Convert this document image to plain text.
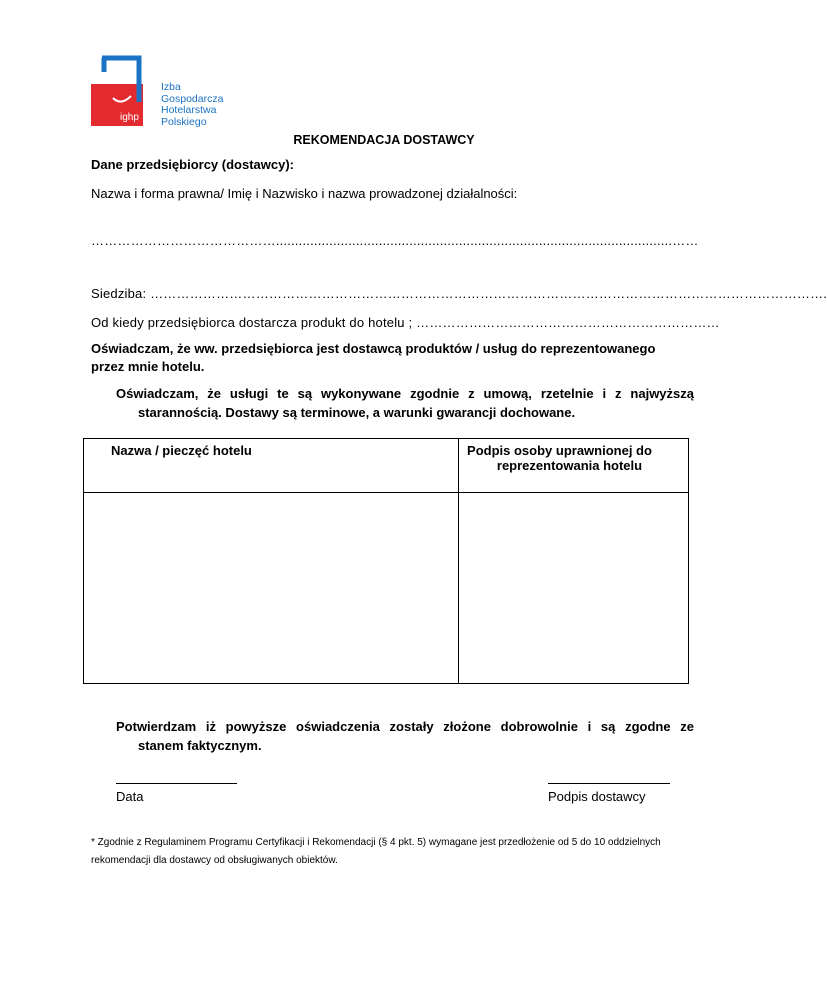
ighp
Izba
Gospodarcza
Hotelarstwa
Polskiego
REKOMENDACJA DOSTAWCY
Dane przedsiębiorcy (dostawcy):
Nazwa i forma prawna/ Imię i Nazwisko i nazwa prowadzonej działalności:
……………………………………........................................................................................................……
Siedziba: ……………………………………………………………………………………………………………………………………….
Od kiedy przedsiębiorca dostarcza produkt do hotelu ; ……………………………………………………………
Oświadczam, że ww. przedsiębiorca jest dostawcą produktów / usług do reprezentowanego przez mnie hotelu.
Oświadczam, że usługi te są wykonywane zgodnie z umową, rzetelnie i z najwyższą
starannością. Dostawy są terminowe, a warunki gwarancji dochowane.
Nazwa / pieczęć hotelu	Podpis osoby uprawnionej do
reprezentowania hotelu

Potwierdzam iż powyższe oświadczenia zostały złożone dobrowolnie i są zgodne ze
stanem faktycznym.
Data	Podpis dostawcy
* Zgodnie z Regulaminem Programu Certyfikacji i Rekomendacji (§ 4 pkt. 5) wymagane jest przedłożenie od 5 do 10 oddzielnych rekomendacji dla dostawcy od obsługiwanych obiektów.
